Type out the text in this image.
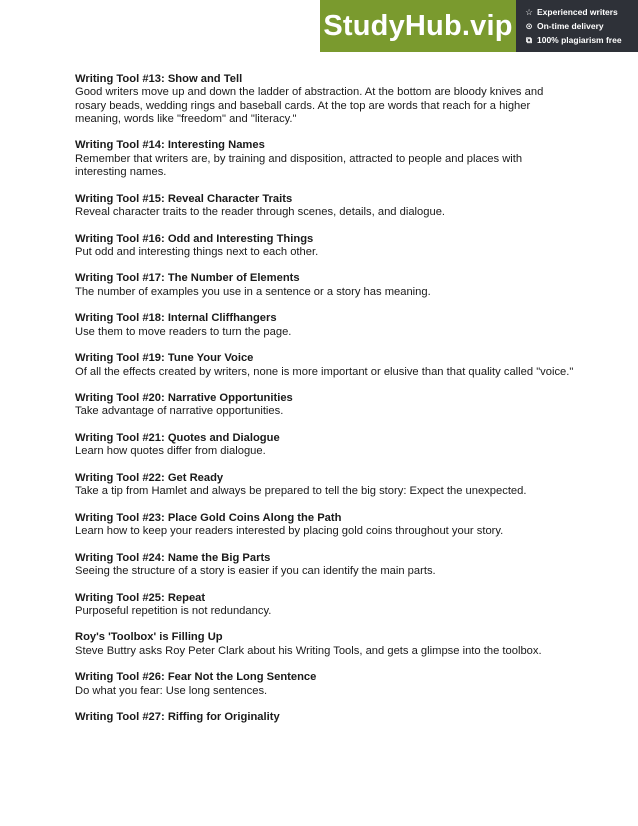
StudyHub.vip	☆ Experienced writers
⊙ On-time delivery
⧉ 100% plagiarism free
Writing Tool #13: Show and Tell
Good writers move up and down the ladder of abstraction. At the bottom are bloody knives and rosary beads, wedding rings and baseball cards. At the top are words that reach for a higher meaning, words like "freedom" and "literacy."
Writing Tool #14: Interesting Names
Remember that writers are, by training and disposition, attracted to people and places with interesting names.
Writing Tool #15: Reveal Character Traits
Reveal character traits to the reader through scenes, details, and dialogue.
Writing Tool #16: Odd and Interesting Things
Put odd and interesting things next to each other.
Writing Tool #17: The Number of Elements
The number of examples you use in a sentence or a story has meaning.
Writing Tool #18: Internal Cliffhangers
Use them to move readers to turn the page.
Writing Tool #19: Tune Your Voice
Of all the effects created by writers, none is more important or elusive than that quality called "voice."
Writing Tool #20: Narrative Opportunities
Take advantage of narrative opportunities.
Writing Tool #21: Quotes and Dialogue
Learn how quotes differ from dialogue.
Writing Tool #22: Get Ready
Take a tip from Hamlet and always be prepared to tell the big story: Expect the unexpected.
Writing Tool #23: Place Gold Coins Along the Path
Learn how to keep your readers interested by placing gold coins throughout your story.
Writing Tool #24: Name the Big Parts
Seeing the structure of a story is easier if you can identify the main parts.
Writing Tool #25: Repeat
Purposeful repetition is not redundancy.
Roy's 'Toolbox' is Filling Up
Steve Buttry asks Roy Peter Clark about his Writing Tools, and gets a glimpse into the toolbox.
Writing Tool #26: Fear Not the Long Sentence
Do what you fear: Use long sentences.
Writing Tool #27: Riffing for Originality
